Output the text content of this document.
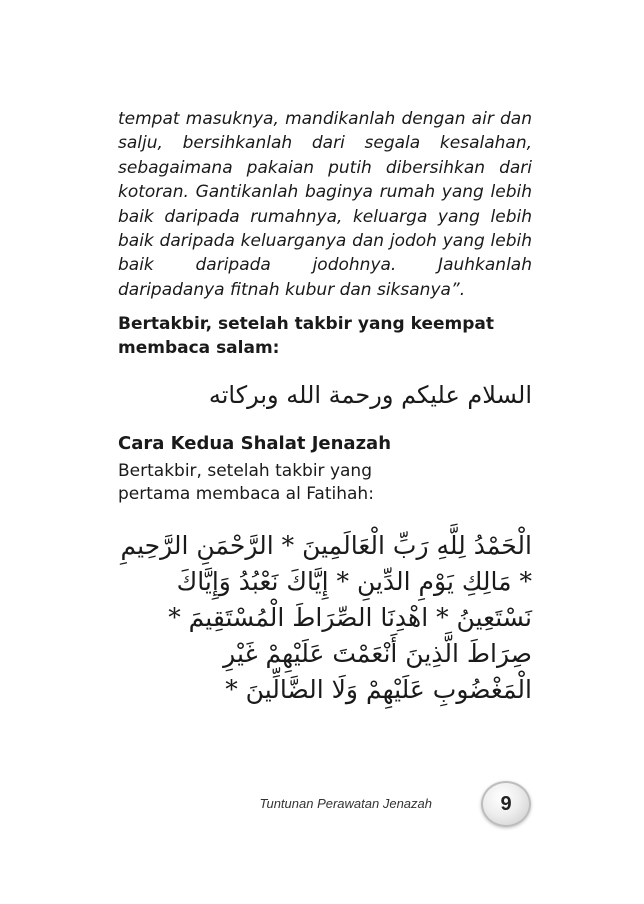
tempat masuknya, mandikanlah dengan air dan salju, bersihkanlah dari segala kesalahan, sebagaimana pakaian putih dibersihkan dari kotoran. Gantikanlah baginya rumah yang lebih baik daripada rumahnya, keluarga yang lebih baik daripada keluarganya dan jodoh yang lebih baik daripada jodohnya. Jauhkanlah daripadanya fitnah kubur dan siksanya”.

Bertakbir, setelah takbir yang keempat membaca salam:

السلام عليكم ورحمة الله وبركاته

Cara Kedua Shalat Jenazah

Bertakbir, setelah takbir yang pertama membaca al Fatihah:

الْحَمْدُ لِلَّهِ رَبِّ الْعَالَمِينَ * الرَّحْمَنِ الرَّحِيمِ * مَالِكِ يَوْمِ الدِّينِ * إِيَّاكَ نَعْبُدُ وَإِيَّاكَ نَسْتَعِينُ * اهْدِنَا الصِّرَاطَ الْمُسْتَقِيمَ * صِرَاطَ الَّذِينَ أَنْعَمْتَ عَلَيْهِمْ غَيْرِ الْمَغْضُوبِ عَلَيْهِمْ وَلَا الضَّالِّينَ *

Tuntunan Perawatan Jenazah	9
